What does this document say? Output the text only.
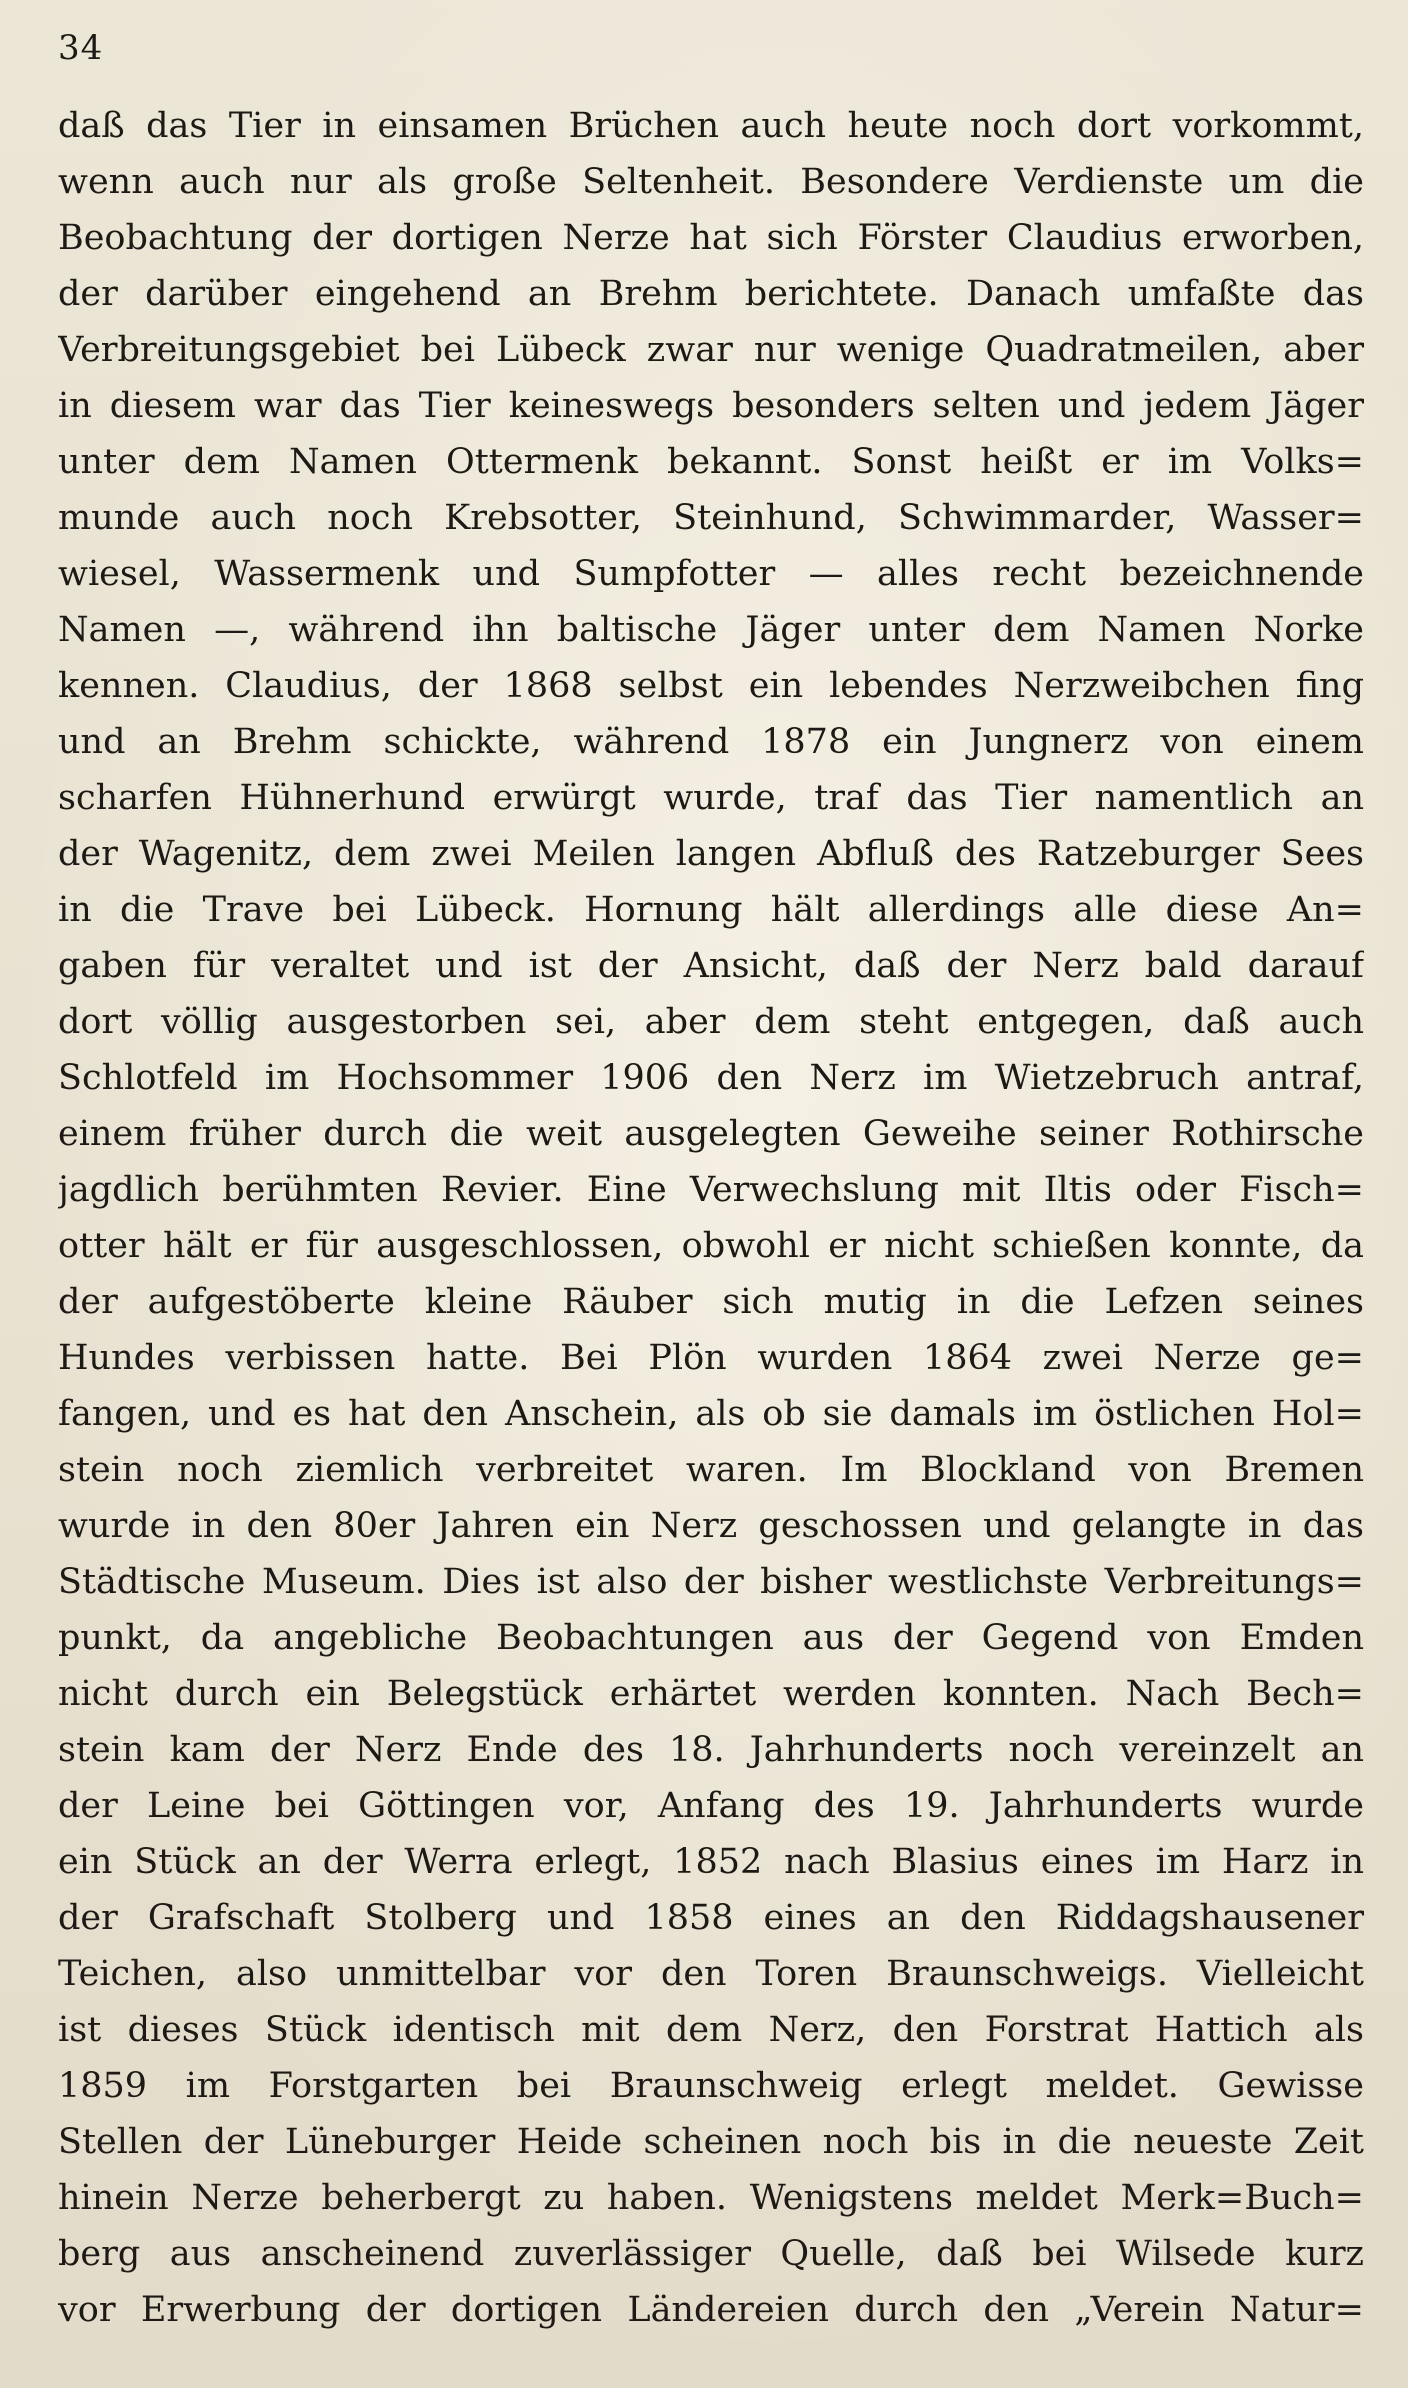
34
daß das Tier in einsamen Brüchen auch heute noch dort vorkommt,
wenn auch nur als große Seltenheit. Besondere Verdienste um die
Beobachtung der dortigen Nerze hat sich Förster Claudius erworben,
der darüber eingehend an Brehm berichtete. Danach umfaßte das
Verbreitungsgebiet bei Lübeck zwar nur wenige Quadratmeilen, aber
in diesem war das Tier keineswegs besonders selten und jedem Jäger
unter dem Namen Ottermenk bekannt. Sonst heißt er im Volks=
munde auch noch Krebsotter, Steinhund, Schwimmarder, Wasser=
wiesel, Wassermenk und Sumpfotter — alles recht bezeichnende
Namen —, während ihn baltische Jäger unter dem Namen Norke
kennen. Claudius, der 1868 selbst ein lebendes Nerzweibchen fing
und an Brehm schickte, während 1878 ein Jungnerz von einem
scharfen Hühnerhund erwürgt wurde, traf das Tier namentlich an
der Wagenitz, dem zwei Meilen langen Abfluß des Ratzeburger Sees
in die Trave bei Lübeck. Hornung hält allerdings alle diese An=
gaben für veraltet und ist der Ansicht, daß der Nerz bald darauf
dort völlig ausgestorben sei, aber dem steht entgegen, daß auch
Schlotfeld im Hochsommer 1906 den Nerz im Wietzebruch antraf,
einem früher durch die weit ausgelegten Geweihe seiner Rothirsche
jagdlich berühmten Revier. Eine Verwechslung mit Iltis oder Fisch=
otter hält er für ausgeschlossen, obwohl er nicht schießen konnte, da
der aufgestöberte kleine Räuber sich mutig in die Lefzen seines
Hundes verbissen hatte. Bei Plön wurden 1864 zwei Nerze ge=
fangen, und es hat den Anschein, als ob sie damals im östlichen Hol=
stein noch ziemlich verbreitet waren. Im Blockland von Bremen
wurde in den 80er Jahren ein Nerz geschossen und gelangte in das
Städtische Museum. Dies ist also der bisher westlichste Verbreitungs=
punkt, da angebliche Beobachtungen aus der Gegend von Emden
nicht durch ein Belegstück erhärtet werden konnten. Nach Bech=
stein kam der Nerz Ende des 18. Jahrhunderts noch vereinzelt an
der Leine bei Göttingen vor, Anfang des 19. Jahrhunderts wurde
ein Stück an der Werra erlegt, 1852 nach Blasius eines im Harz in
der Grafschaft Stolberg und 1858 eines an den Riddagshausener
Teichen, also unmittelbar vor den Toren Braunschweigs. Vielleicht
ist dieses Stück identisch mit dem Nerz, den Forstrat Hattich als
1859 im Forstgarten bei Braunschweig erlegt meldet. Gewisse
Stellen der Lüneburger Heide scheinen noch bis in die neueste Zeit
hinein Nerze beherbergt zu haben. Wenigstens meldet Merk=Buch=
berg aus anscheinend zuverlässiger Quelle, daß bei Wilsede kurz
vor Erwerbung der dortigen Ländereien durch den „Verein Natur=
